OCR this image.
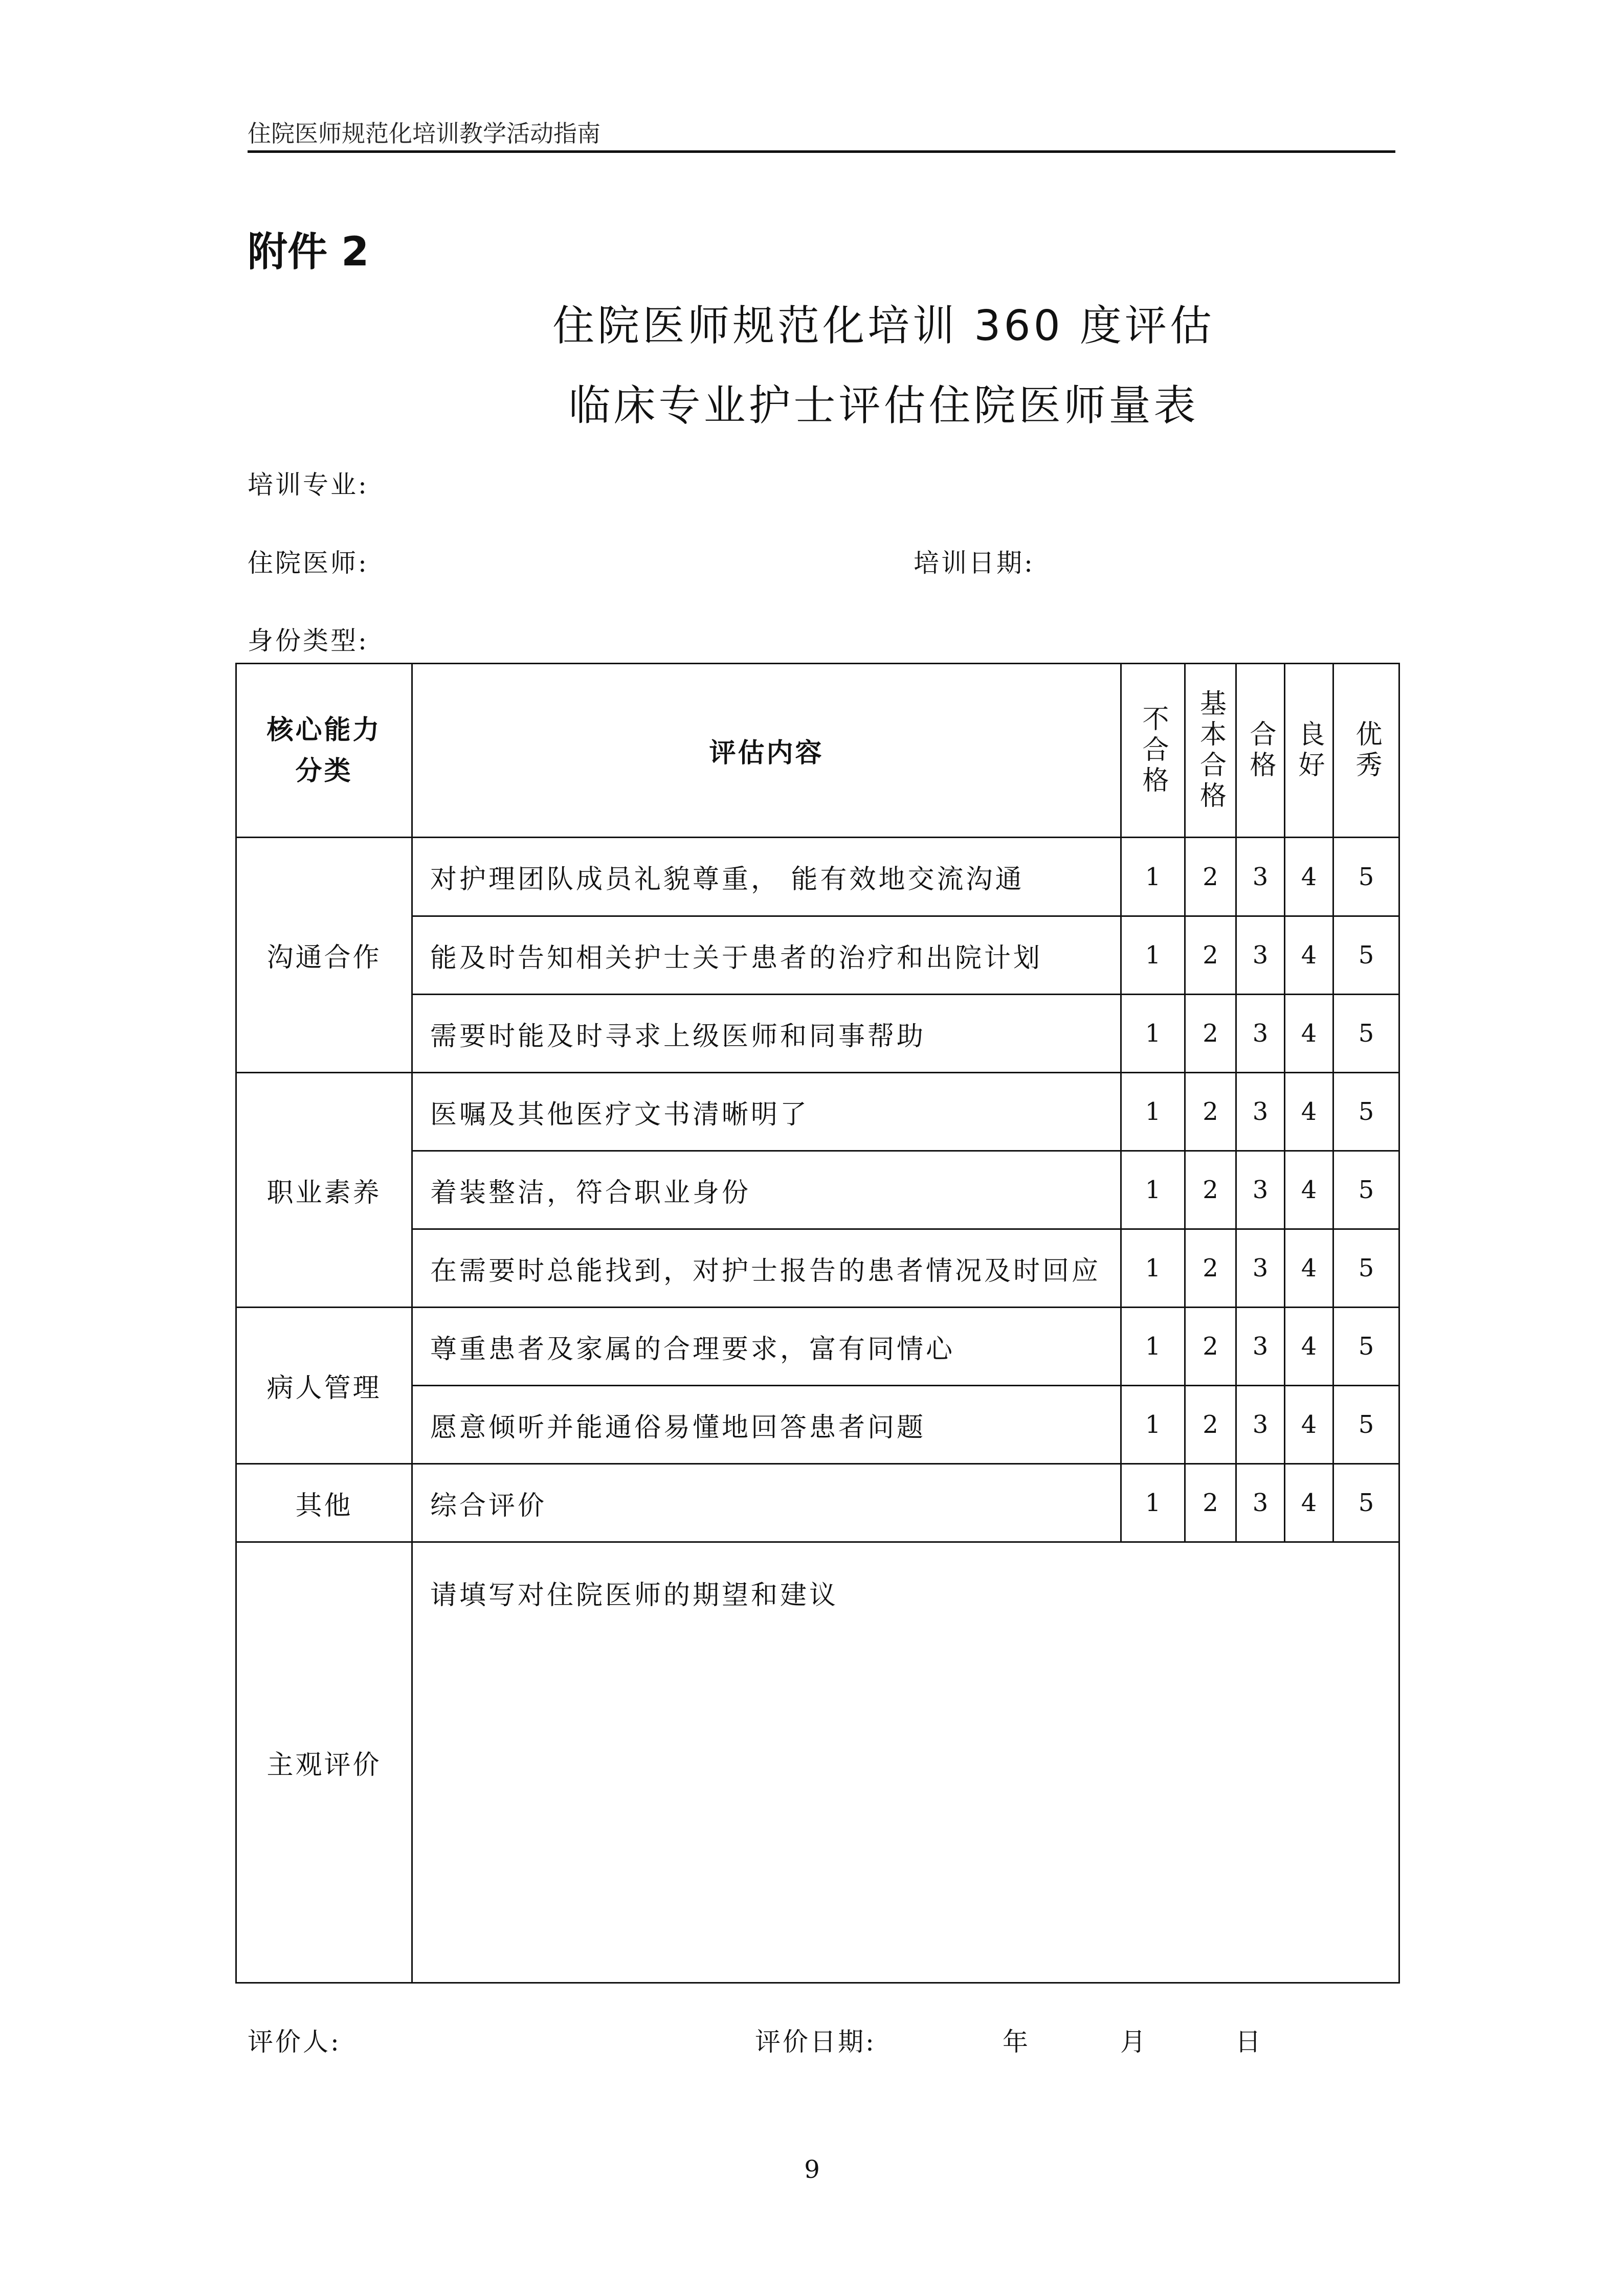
住院医师规范化培训教学活动指南
附件 2
住院医师规范化培训 360 度评估
临床专业护士评估住院医师量表
培训专业:
住院医师:	培训日期:
身份类型:
核心能力
分类	评估内容	不合格	基本合格	合格	良好	优秀
沟通合作	对护理团队成员礼貌尊重， 能有效地交流沟通	1	2	3	4	5
	能及时告知相关护士关于患者的治疗和出院计划	1	2	3	4	5
	需要时能及时寻求上级医师和同事帮助	1	2	3	4	5
职业素养	医嘱及其他医疗文书清晰明了	1	2	3	4	5
	着装整洁，符合职业身份	1	2	3	4	5
	在需要时总能找到，对护士报告的患者情况及时回应	1	2	3	4	5
病人管理	尊重患者及家属的合理要求，富有同情心	1	2	3	4	5
	愿意倾听并能通俗易懂地回答患者问题	1	2	3	4	5
其他	综合评价	1	2	3	4	5
主观评价	请填写对住院医师的期望和建议					
评价人:	评价日期:	年	月	日
9
